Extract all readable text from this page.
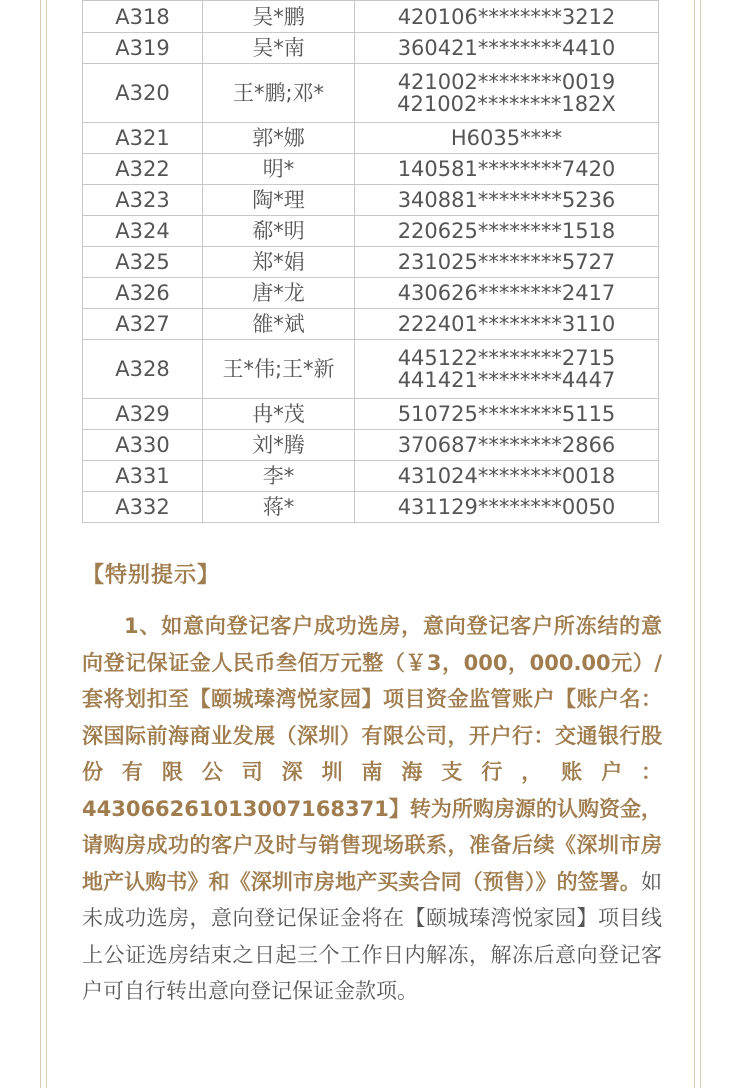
A318	吴*鹏	420106********3212

A319	吴*南	360421********4410

A320	王*鹏;邓*	421002********0019
421002********182X

A321	郭*娜	H6035****

A322	明*	140581********7420

A323	陶*理	340881********5236

A324	郗*明	220625********1518

A325	郑*娟	231025********5727

A326	唐*龙	430626********2417

A327	雒*斌	222401********3110

A328	王*伟;王*新	445122********2715
441421********4447

A329	冉*茂	510725********5115

A330	刘*腾	370687********2866

A331	李*	431024********0018

A332	蒋*	431129********0050
【特别提示】

1、如意向登记客户成功选房，意向登记客户所冻结的意向登记保证金人民币叁佰万元整（￥3，000，000.00元）/套将划扣至【颐城瑧湾悦家园】项目资金监管账户【账户名：深国际前海商业发展（深圳）有限公司，开户行：交通银行股份有限公司深圳南海支行，账户：443066261013007168371】转为所购房源的认购资金，请购房成功的客户及时与销售现场联系，准备后续《深圳市房地产认购书》和《深圳市房地产买卖合同（预售）》的签署。如未成功选房，意向登记保证金将在【颐城瑧湾悦家园】项目线上公证选房结束之日起三个工作日内解冻，解冻后意向登记客户可自行转出意向登记保证金款项。
